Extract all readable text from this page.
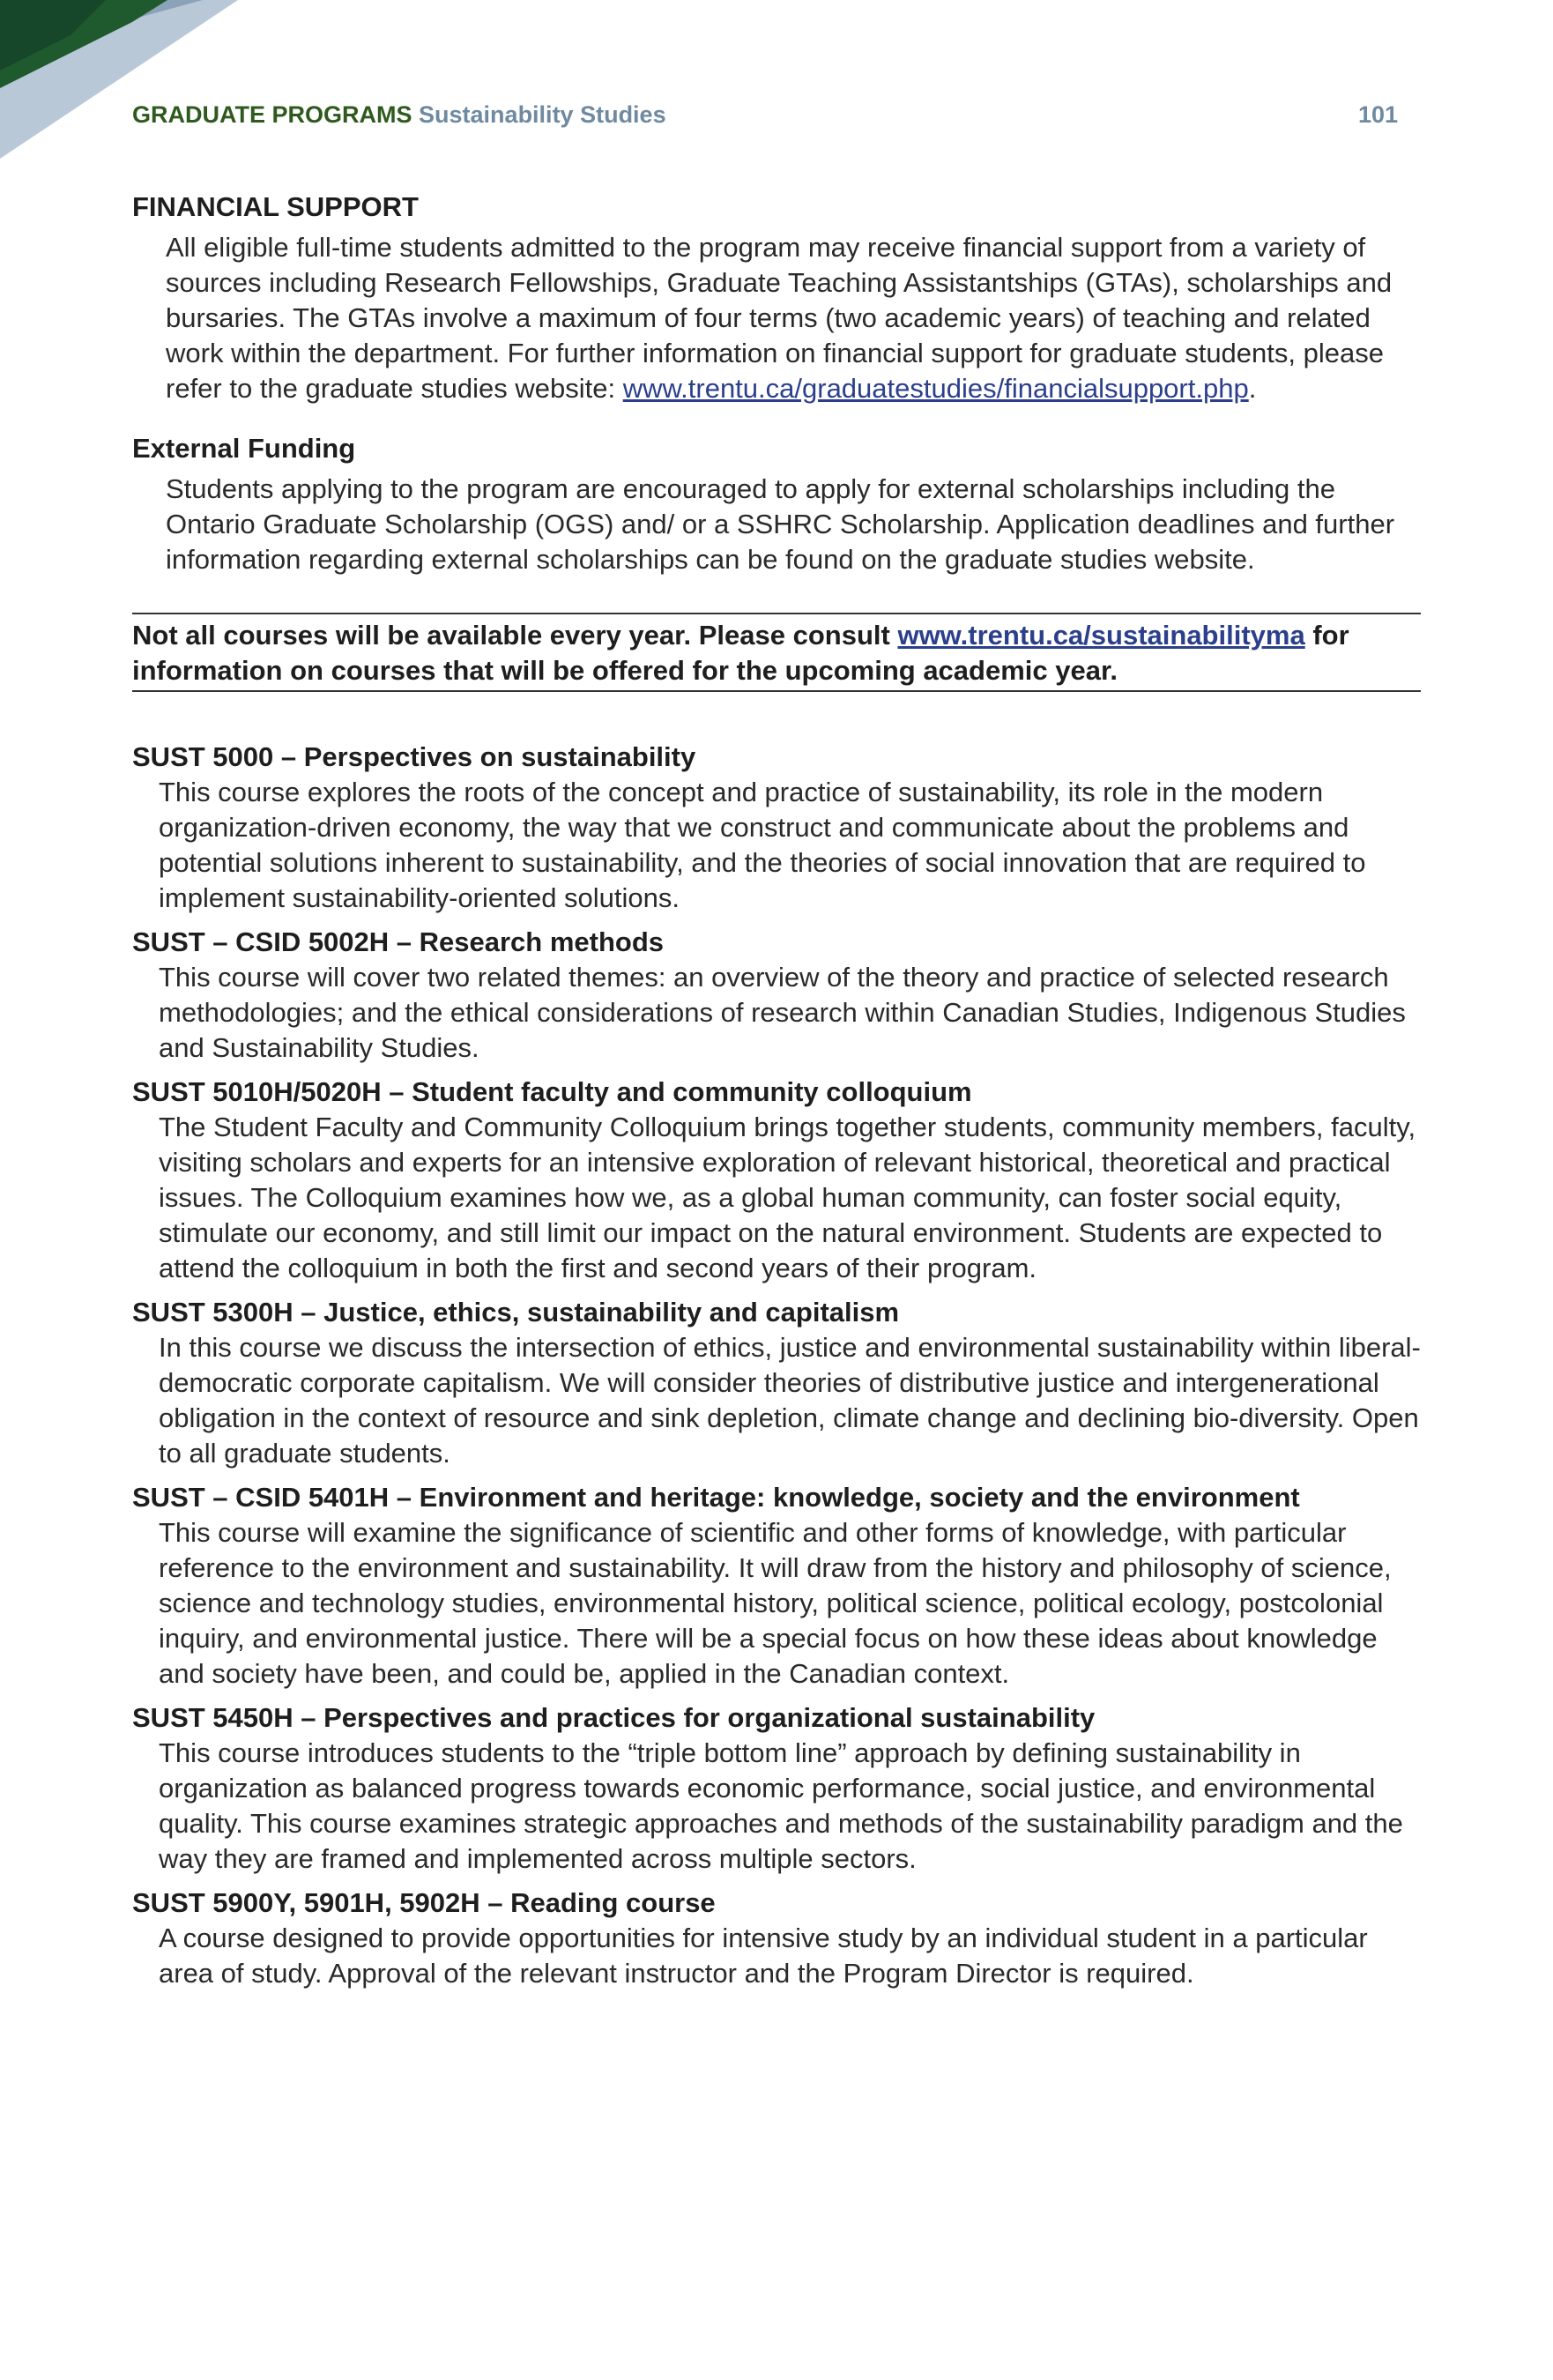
GRADUATE PROGRAMS Sustainability Studies	101
FINANCIAL SUPPORT
All eligible full-time students admitted to the program may receive financial support from a variety of sources including Research Fellowships, Graduate Teaching Assistantships (GTAs), scholarships and bursaries. The GTAs involve a maximum of four terms (two academic years) of teaching and related work within the department. For further information on financial support for graduate students, please refer to the graduate studies website: www.trentu.ca/graduatestudies/financialsupport.php.
External Funding
Students applying to the program are encouraged to apply for external scholarships including the Ontario Graduate Scholarship (OGS) and/ or a SSHRC Scholarship. Application deadlines and further information regarding external scholarships can be found on the graduate studies website.
Not all courses will be available every year. Please consult www.trentu.ca/sustainabilityma for information on courses that will be offered for the upcoming academic year.
SUST 5000 – Perspectives on sustainability
This course explores the roots of the concept and practice of sustainability, its role in the modern organization-driven economy, the way that we construct and communicate about the problems and potential solutions inherent to sustainability, and the theories of social innovation that are required to implement sustainability-oriented solutions.
SUST – CSID 5002H – Research methods
This course will cover two related themes: an overview of the theory and practice of selected research methodologies; and the ethical considerations of research within Canadian Studies, Indigenous Studies and Sustainability Studies.
SUST 5010H/5020H – Student faculty and community colloquium
The Student Faculty and Community Colloquium brings together students, community members, faculty, visiting scholars and experts for an intensive exploration of relevant historical, theoretical and practical issues. The Colloquium examines how we, as a global human community, can foster social equity, stimulate our economy, and still limit our impact on the natural environment. Students are expected to attend the colloquium in both the first and second years of their program.
SUST 5300H – Justice, ethics, sustainability and capitalism
In this course we discuss the intersection of ethics, justice and environmental sustainability within liberal-democratic corporate capitalism. We will consider theories of distributive justice and intergenerational obligation in the context of resource and sink depletion, climate change and declining bio-diversity. Open to all graduate students.
SUST – CSID 5401H – Environment and heritage: knowledge, society and the environment
This course will examine the significance of scientific and other forms of knowledge, with particular reference to the environment and sustainability. It will draw from the history and philosophy of science, science and technology studies, environmental history, political science, political ecology, postcolonial inquiry, and environmental justice. There will be a special focus on how these ideas about knowledge and society have been, and could be, applied in the Canadian context.
SUST 5450H – Perspectives and practices for organizational sustainability
This course introduces students to the “triple bottom line” approach by defining sustainability in organization as balanced progress towards economic performance, social justice, and environmental quality. This course examines strategic approaches and methods of the sustainability paradigm and the way they are framed and implemented across multiple sectors.
SUST 5900Y, 5901H, 5902H – Reading course
A course designed to provide opportunities for intensive study by an individual student in a particular area of study. Approval of the relevant instructor and the Program Director is required.
